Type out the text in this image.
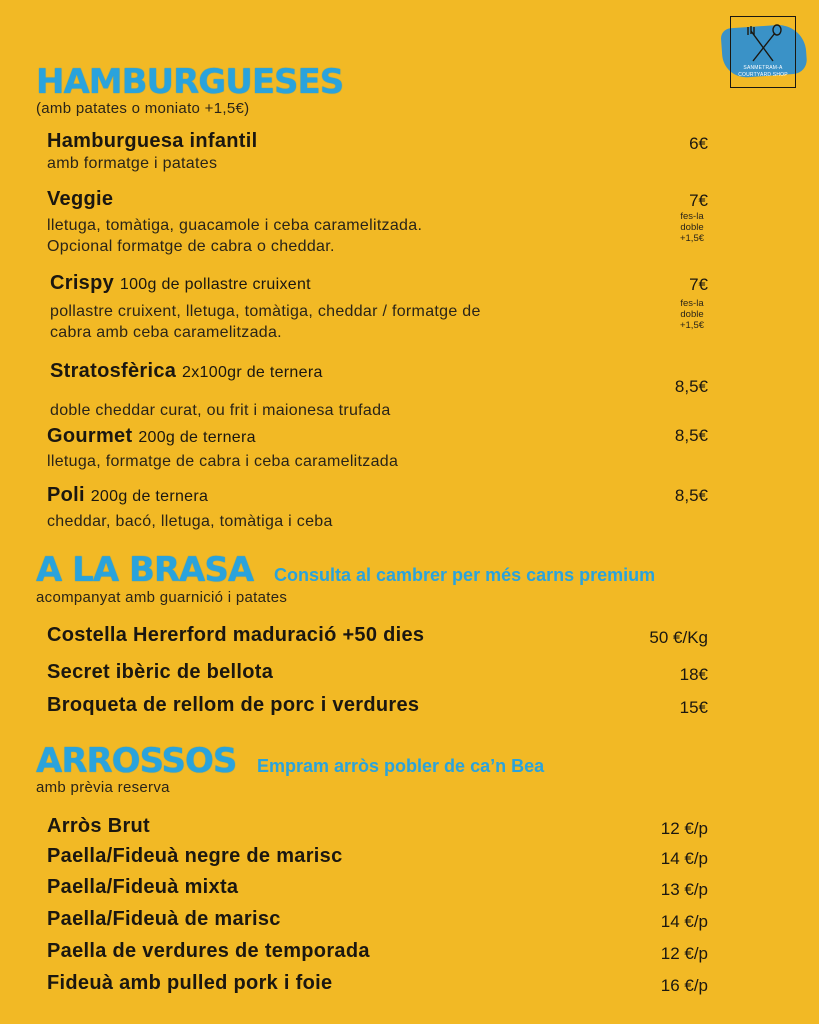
SANMETRAM-A
COURTYARD SHOP
HAMBURGUESES
(amb patates o moniato +1,5€)
Hamburguesa infantil
amb formatge i patates
6€
Veggie
lletuga, tomàtiga, guacamole i ceba caramelitzada.
Opcional formatge de cabra o cheddar.
7€
fes-la
doble
+1,5€
Crispy 100g de pollastre cruixent
pollastre cruixent, lletuga, tomàtiga, cheddar / formatge de
cabra amb ceba caramelitzada.
7€
fes-la
doble
+1,5€
Stratosfèrica 2x100gr de ternera
doble cheddar curat, ou frit i maionesa trufada
8,5€
Gourmet 200g de ternera
lletuga, formatge de cabra i ceba caramelitzada
8,5€
Poli 200g de ternera
cheddar, bacó, lletuga, tomàtiga i ceba
8,5€
A LA BRASA Consulta al cambrer per més carns premium
acompanyat amb guarnició i patates
Costella Hererford maduració +50 dies	50 €/Kg
Secret ibèric de bellota	18€
Broqueta de rellom de porc i verdures	15€
ARROSSOS Empram arròs pobler de ca’n Bea
amb prèvia reserva
Arròs Brut	12 €/p
Paella/Fideuà negre de marisc	14 €/p
Paella/Fideuà mixta	13 €/p
Paella/Fideuà de marisc	14 €/p
Paella de verdures de temporada	12 €/p
Fideuà amb pulled pork i foie	16 €/p
